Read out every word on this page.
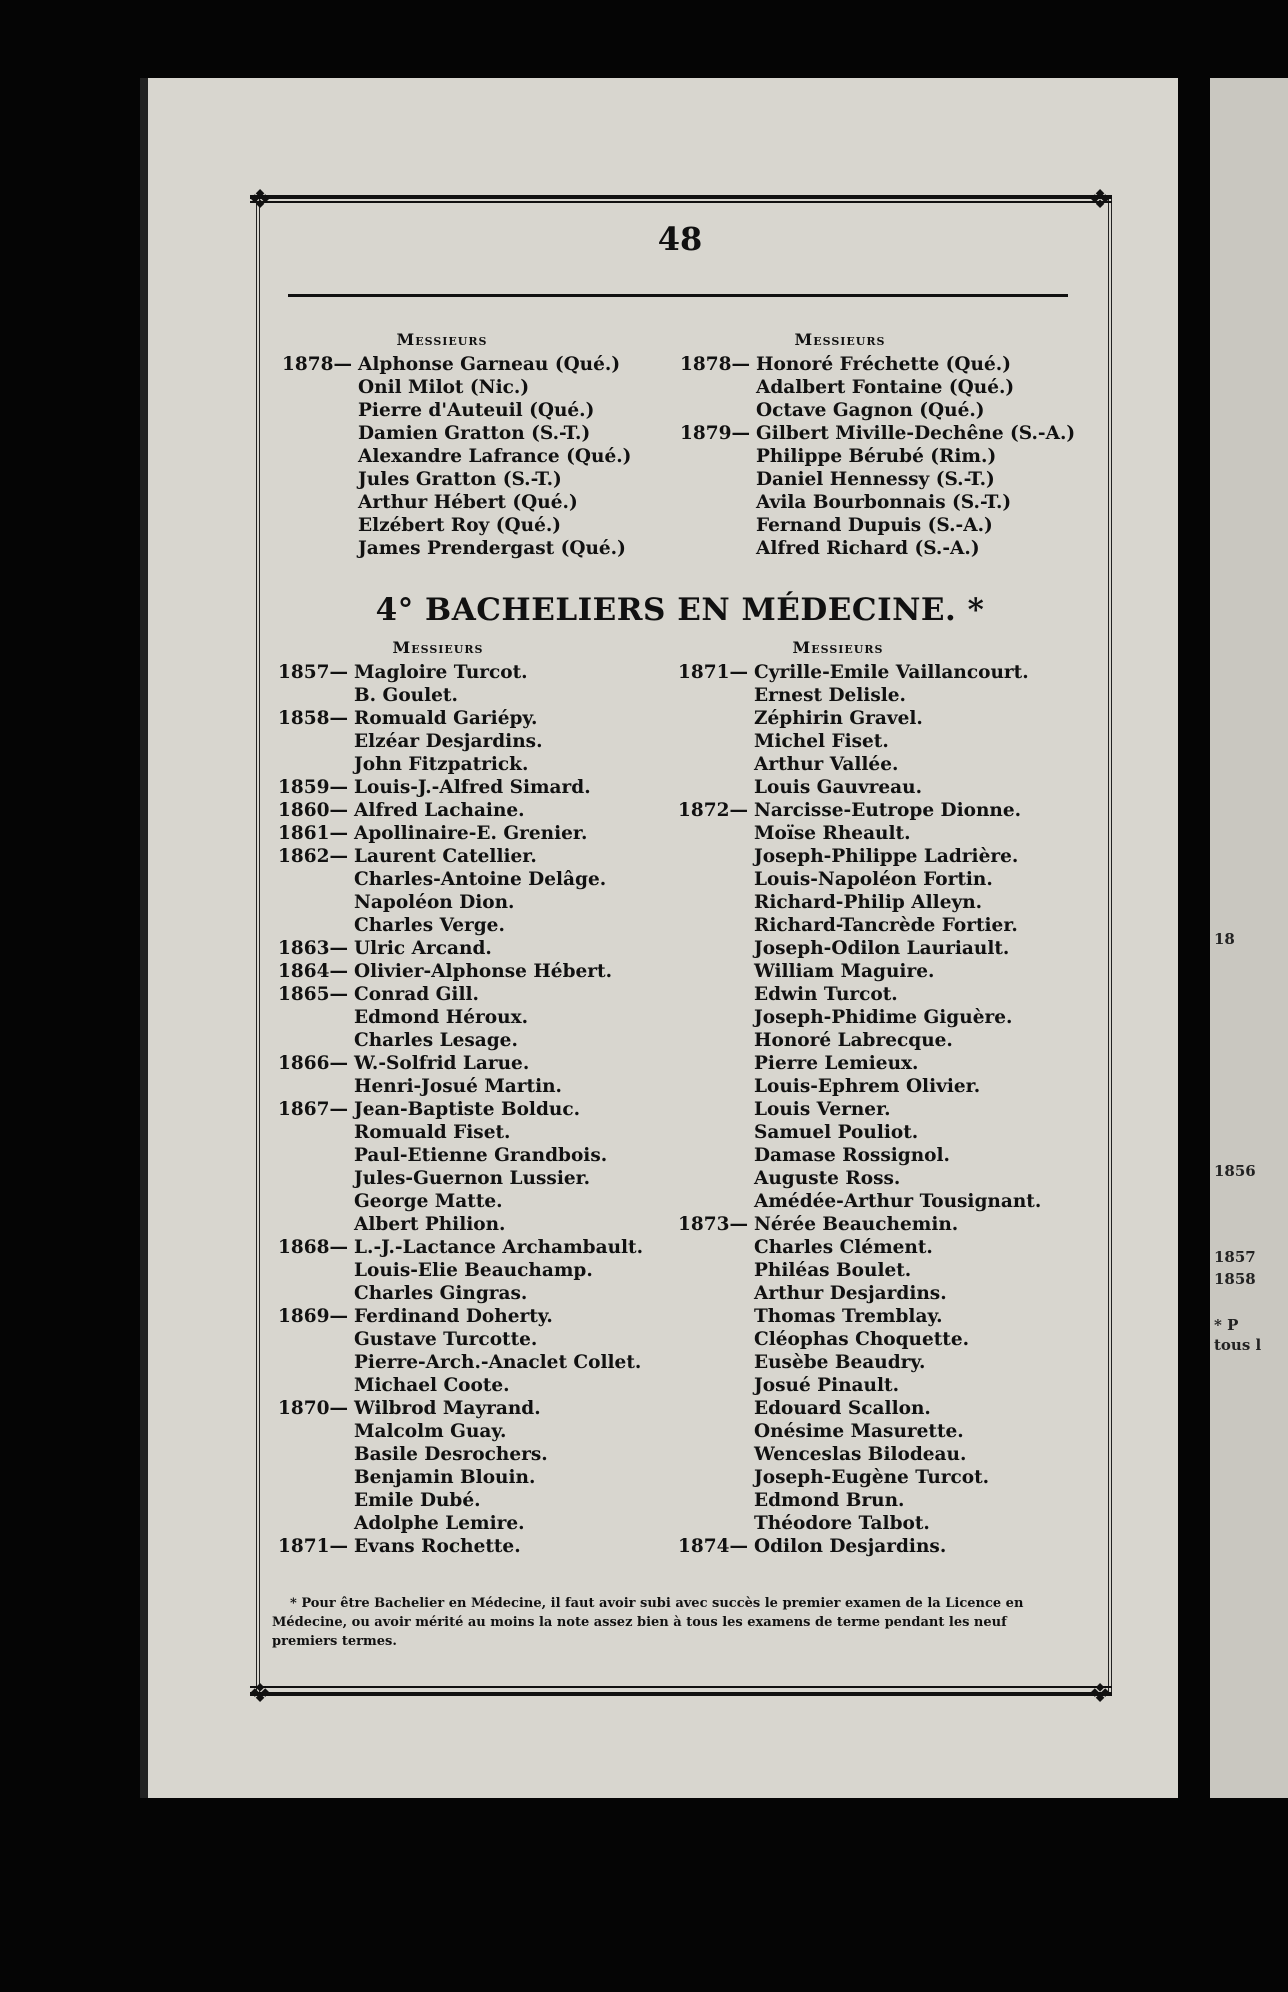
18
1856
1857
1858
* P
tous l
❖	❖
❖	❖
48
Messieurs
1878— Alphonse Garneau (Qué.)
Onil Milot (Nic.)
Pierre d'Auteuil (Qué.)
Damien Gratton (S.-T.)
Alexandre Lafrance (Qué.)
Jules Gratton (S.-T.)
Arthur Hébert (Qué.)
Elzébert Roy (Qué.)
James Prendergast (Qué.)
Messieurs
1878— Honoré Fréchette (Qué.)
Adalbert Fontaine (Qué.)
Octave Gagnon (Qué.)
1879— Gilbert Miville-Dechêne (S.-A.)
Philippe Bérubé (Rim.)
Daniel Hennessy (S.-T.)
Avila Bourbonnais (S.-T.)
Fernand Dupuis (S.-A.)
Alfred Richard (S.-A.)
4° BACHELIERS EN MÉDECINE. *
Messieurs
1857— Magloire Turcot.
B. Goulet.
1858— Romuald Gariépy.
Elzéar Desjardins.
John Fitzpatrick.
1859— Louis-J.-Alfred Simard.
1860— Alfred Lachaine.
1861— Apollinaire-E. Grenier.
1862— Laurent Catellier.
Charles-Antoine Delâge.
Napoléon Dion.
Charles Verge.
1863— Ulric Arcand.
1864— Olivier-Alphonse Hébert.
1865— Conrad Gill.
Edmond Héroux.
Charles Lesage.
1866— W.-Solfrid Larue.
Henri-Josué Martin.
1867— Jean-Baptiste Bolduc.
Romuald Fiset.
Paul-Etienne Grandbois.
Jules-Guernon Lussier.
George Matte.
Albert Philion.
1868— L.-J.-Lactance Archambault.
Louis-Elie Beauchamp.
Charles Gingras.
1869— Ferdinand Doherty.
Gustave Turcotte.
Pierre-Arch.-Anaclet Collet.
Michael Coote.
1870— Wilbrod Mayrand.
Malcolm Guay.
Basile Desrochers.
Benjamin Blouin.
Emile Dubé.
Adolphe Lemire.
1871— Evans Rochette.
Messieurs
1871— Cyrille-Emile Vaillancourt.
Ernest Delisle.
Zéphirin Gravel.
Michel Fiset.
Arthur Vallée.
Louis Gauvreau.
1872— Narcisse-Eutrope Dionne.
Moïse Rheault.
Joseph-Philippe Ladrière.
Louis-Napoléon Fortin.
Richard-Philip Alleyn.
Richard-Tancrède Fortier.
Joseph-Odilon Lauriault.
William Maguire.
Edwin Turcot.
Joseph-Phidime Giguère.
Honoré Labrecque.
Pierre Lemieux.
Louis-Ephrem Olivier.
Louis Verner.
Samuel Pouliot.
Damase Rossignol.
Auguste Ross.
Amédée-Arthur Tousignant.
1873— Nérée Beauchemin.
Charles Clément.
Philéas Boulet.
Arthur Desjardins.
Thomas Tremblay.
Cléophas Choquette.
Eusèbe Beaudry.
Josué Pinault.
Edouard Scallon.
Onésime Masurette.
Wenceslas Bilodeau.
Joseph-Eugène Turcot.
Edmond Brun.
Théodore Talbot.
1874— Odilon Desjardins.

* Pour être Bachelier en Médecine, il faut avoir subi avec succès le premier examen de la Licence en Médecine, ou avoir mérité au moins la note assez bien à tous les examens de terme pendant les neuf premiers termes.
